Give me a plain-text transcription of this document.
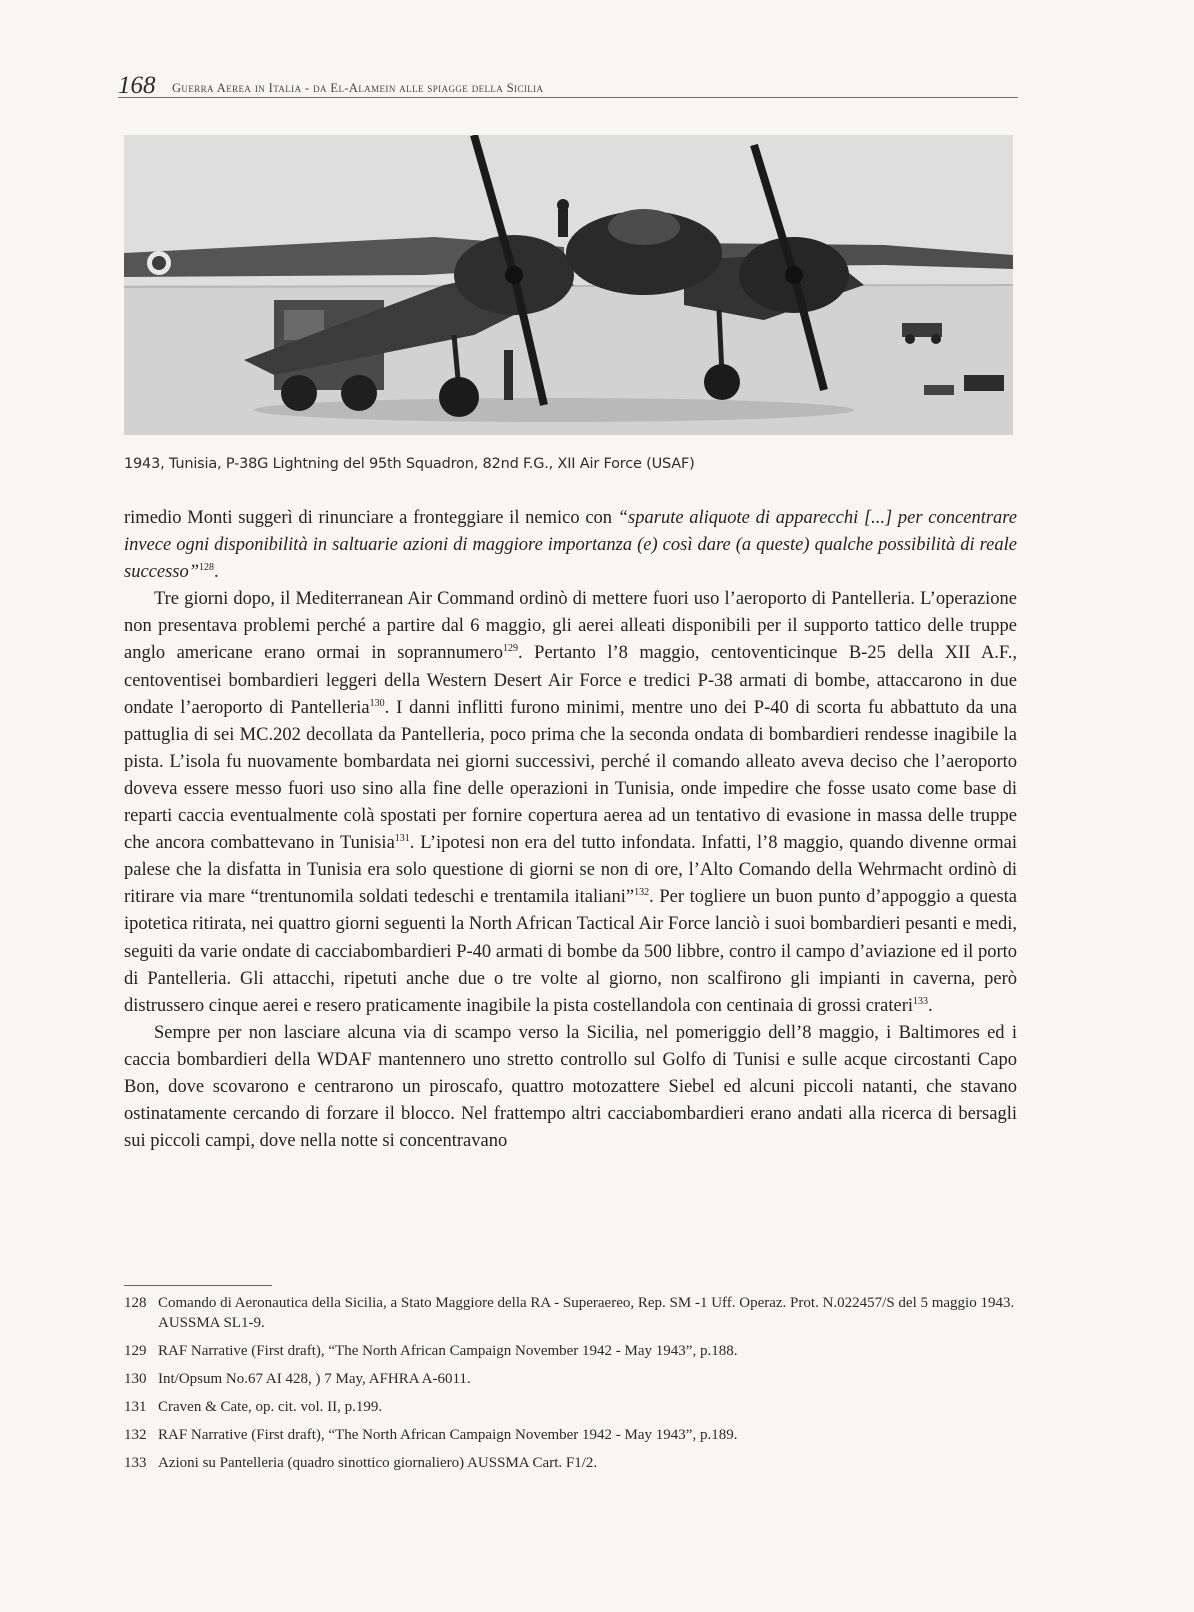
168 Guerra Aerea in Italia - da El-Alamein alle spiagge della Sicilia
1943, Tunisia, P-38G Lightning del 95th Squadron, 82nd F.G., XII Air Force (USAF)

rimedio Monti suggerì di rinunciare a fronteggiare il nemico con “sparute aliquote di apparecchi [...] per concentrare invece ogni disponibilità in saltuarie azioni di maggiore importanza (e) così dare (a queste) qualche possibilità di reale successo”$^{128}$.

Tre giorni dopo, il Mediterranean Air Command ordinò di mettere fuori uso l’aeroporto di Pantelleria. L’operazione non presentava problemi perché a partire dal 6 maggio, gli aerei alleati disponibili per il supporto tattico delle truppe anglo americane erano ormai in soprannumero$^{129}$. Pertanto l’8 maggio, centoventicinque B-25 della XII A.F., centoventisei bombardieri leggeri della Western Desert Air Force e tredici P-38 armati di bombe, attaccarono in due ondate l’aeroporto di Pantelleria$^{130}$. I danni inflitti furono minimi, mentre uno dei P-40 di scorta fu abbattuto da una pattuglia di sei MC.202 decollata da Pantelleria, poco prima che la seconda ondata di bombardieri rendesse inagibile la pista. L’isola fu nuovamente bombardata nei giorni successivi, perché il comando alleato aveva deciso che l’aeroporto doveva essere messo fuori uso sino alla fine delle operazioni in Tunisia, onde impedire che fosse usato come base di reparti caccia eventualmente colà spostati per fornire copertura aerea ad un tentativo di evasione in massa delle truppe che ancora combattevano in Tunisia$^{131}$. L’ipotesi non era del tutto infondata. Infatti, l’8 maggio, quando divenne ormai palese che la disfatta in Tunisia era solo questione di giorni se non di ore, l’Alto Comando della Wehrmacht ordinò di ritirare via mare “trentunomila soldati tedeschi e trentamila italiani”$^{132}$. Per togliere un buon punto d’appoggio a questa ipotetica ritirata, nei quattro giorni seguenti la North African Tactical Air Force lanciò i suoi bombardieri pesanti e medi, seguiti da varie ondate di cacciabombardieri P-40 armati di bombe da 500 libbre, contro il campo d’aviazione ed il porto di Pantelleria. Gli attacchi, ripetuti anche due o tre volte al giorno, non scalfirono gli impianti in caverna, però distrussero cinque aerei e resero praticamente inagibile la pista costellandola con centinaia di grossi crateri$^{133}$.

Sempre per non lasciare alcuna via di scampo verso la Sicilia, nel pomeriggio dell’8 maggio, i Baltimores ed i caccia bombardieri della WDAF mantennero uno stretto controllo sul Golfo di Tunisi e sulle acque circostanti Capo Bon, dove scovarono e centrarono un piroscafo, quattro motozattere Siebel ed alcuni piccoli natanti, che stavano ostinatamente cercando di forzare il blocco. Nel frattempo altri cacciabombardieri erano andati alla ricerca di bersagli sui piccoli campi, dove nella notte si concentravano

128 Comando di Aeronautica della Sicilia, a Stato Maggiore della RA - Superaereo, Rep. SM -1 Uff. Operaz. Prot. N.022457/S del 5 maggio 1943. AUSSMA SL1-9.
129 RAF Narrative (First draft), “The North African Campaign November 1942 - May 1943”, p.188.
130 Int/Opsum No.67 AI 428, ) 7 May, AFHRA A-6011.
131 Craven & Cate, op. cit. vol. II, p.199.
132 RAF Narrative (First draft), “The North African Campaign November 1942 - May 1943”, p.189.
133 Azioni su Pantelleria (quadro sinottico giornaliero) AUSSMA Cart. F1/2.
